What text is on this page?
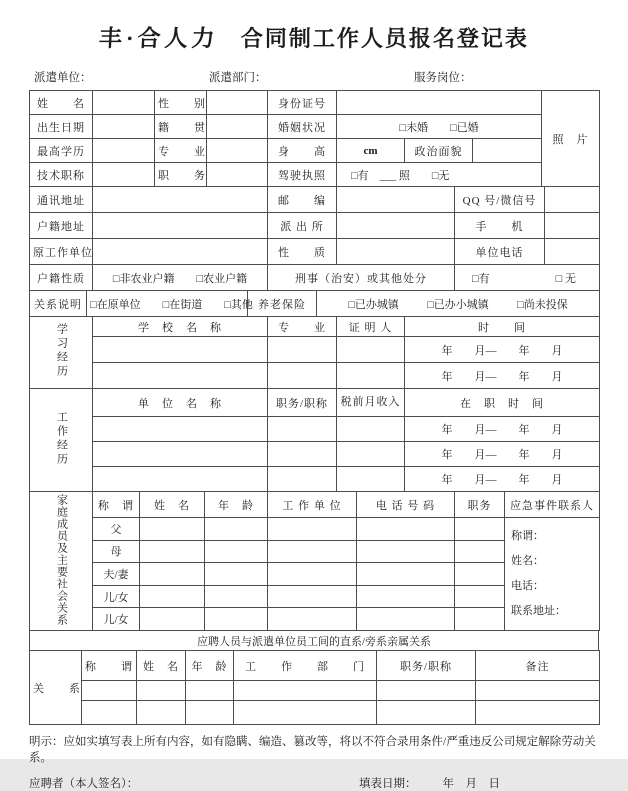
丰·合人力 合同制工作人员报名登记表
派遣单位：	派遣部门：	服务岗位：
姓　　名		性　　别		身份证号				照　片
出生日期		籍　　贯		婚姻状况	□未婚　　□已婚			
最高学历		专　　业		身　　高	cm	政治面貌		
技术职称		职　　务		驾驶执照	□有　___ 照　　□无			
通讯地址		邮　　编		QQ 号/微信号	
户籍地址		派 出 所		手　　机	
原工作单位		性　　质		单位电话	
户籍性质	□非农业户籍　　□农业户籍	刑事（治安）或其他处分		□有 □ 无	
关系说明	□在原单位　　□在街道　　□其他	养老保险	□已办城镇	□已办小城镇	□尚未投保
学习经历	学　校　名　称	专　　业	证 明 人	时　　间
				年　　月—　　年　　月
				年　　月—　　年　　月
工作经历	单　位　名　称	职务/职称	税前月收入	在　职　时　间
				年　　月—　　年　　月
				年　　月—　　年　　月
				年　　月—　　年　　月
家庭成员及主要社会关系	称　谓	姓　名	年　龄	工 作 单 位	电 话 号 码	职务	应急事件联系人
	父						称谓：
姓名：
电话：
联系地址：

	母						
	夫/妻						
	儿/女						
	儿/女						
应聘人员与派遣单位员工间的直系/旁系亲属关系
关　　系	称　　谓	姓　名	年　龄	工　　作　　部　　门	职务/职称	备注

明示：应如实填写表上所有内容，如有隐瞒、编造、篡改等，将以不符合录用条件/严重违反公司规定解除劳动关系。
应聘者（本人签名）：	填表日期： 年　月　日
